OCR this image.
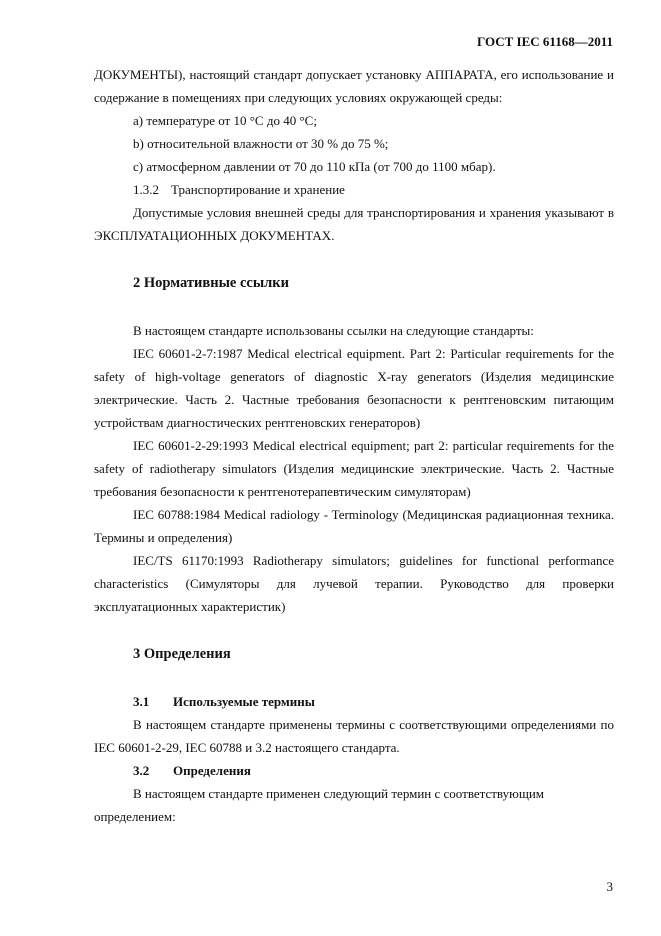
ГОСТ IEC 61168—2011

ДОКУМЕНТЫ), настоящий стандарт допускает установку АППАРАТА, его использование и содержание в помещениях при следующих условиях окружающей среды:

a) температуре от 10 °С до 40 °С;

b) относительной влажности от 30 % до 75 %;

c) атмосферном давлении от 70 до 110 кПа (от 700 до 1100 мбар).

1.3.2 Транспортирование и хранение

Допустимые условия внешней среды для транспортирования и хранения указывают в ЭКСПЛУАТАЦИОННЫХ ДОКУМЕНТАХ.

2 Нормативные ссылки

В настоящем стандарте использованы ссылки на следующие стандарты:

IEC 60601-2-7:1987 Medical electrical equipment. Part 2: Particular requirements for the safety of high-voltage generators of diagnostic X-ray generators (Изделия медицинские электрические. Часть 2. Частные требования безопасности к рентгеновским питающим устройствам диагностических рентгеновских генераторов)

IEC 60601-2-29:1993 Medical electrical equipment; part 2: particular requirements for the safety of radiotherapy simulators (Изделия медицинские электрические. Часть 2. Частные требования безопасности к рентгенотерапевтическим симуляторам)

IEC 60788:1984 Medical radiology - Terminology (Медицинская радиационная техника. Термины и определения)

IEC/TS 61170:1993 Radiotherapy simulators; guidelines for functional performance characteristics (Симуляторы для лучевой терапии. Руководство для проверки эксплуатационных характеристик)

3 Определения

3.1 Используемые термины

В настоящем стандарте применены термины с соответствующими определениями по IEC 60601-2-29, IEC 60788 и 3.2 настоящего стандарта.

3.2 Определения

В настоящем стандарте применен следующий термин с соответствующим определением:

3
